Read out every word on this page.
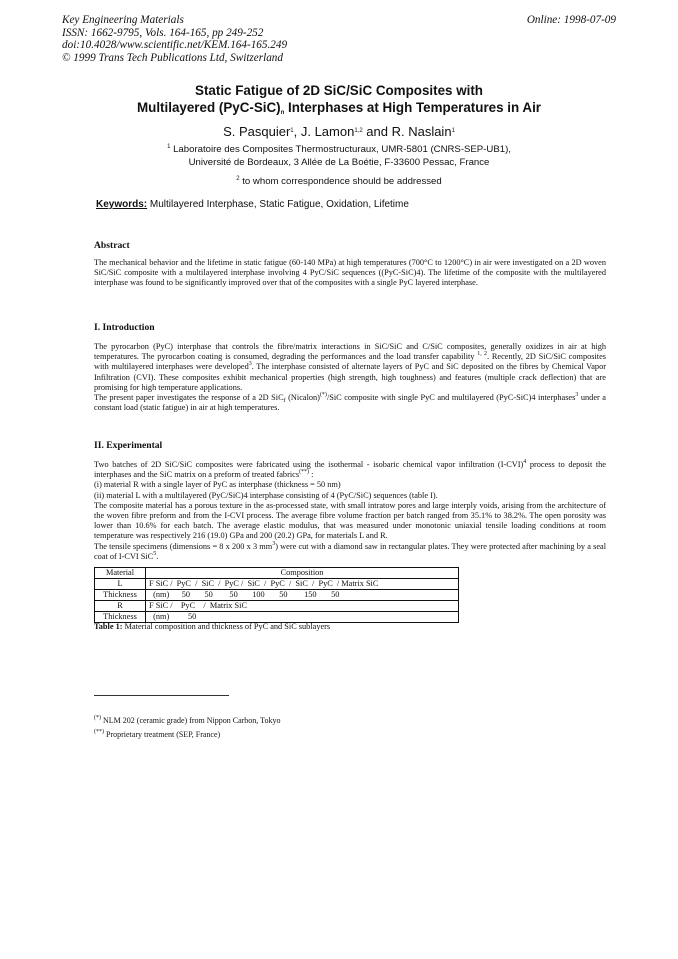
Key Engineering Materials
ISSN: 1662-9795, Vols. 164-165, pp 249-252
doi:10.4028/www.scientific.net/KEM.164-165.249
© 1999 Trans Tech Publications Ltd, Switzerland
Online: 1998-07-09
Static Fatigue of 2D SiC/SiC Composites with
Multilayered $(PyC-SiC)_n$ Interphases at High Temperatures in Air
S. Pasquier$^1$, J. Lamon$^{1,2}$ and R. Naslain$^1$
$^1$ Laboratoire des Composites Thermostructuraux, UMR-5801 (CNRS-SEP-UB1),
Université de Bordeaux, 3 Allée de La Boétie, F-33600 Pessac, France
$^2$ to whom correspondence should be addressed
Keywords: Multilayered Interphase, Static Fatigue, Oxidation, Lifetime
Abstract

The mechanical behavior and the lifetime in static fatigue (60-140 MPa) at high temperatures (700°C to 1200°C) in air were investigated on a 2D woven SiC/SiC composite with a multilayered interphase involving 4 PyC/SiC sequences ((PyC-SiC)4). The lifetime of the composite with the multilayered interphase was found to be significantly improved over that of the composites with a single PyC layered interphase.

I. Introduction

The pyrocarbon (PyC) interphase that controls the fibre/matrix interactions in SiC/SiC and C/SiC composites, generally oxidizes in air at high temperatures. The pyrocarbon coating is consumed, degrading the performances and the load transfer capability $^{1, 2}$. Recently, 2D SiC/SiC composites with multilayered interphases were developed$^3$. The interphase consisted of alternate layers of PyC and SiC deposited on the fibres by Chemical Vapor Infiltration (CVI). These composites exhibit mechanical properties (high strength, high toughness) and features (multiple crack deflection) that are promising for high temperature applications.

The present paper investigates the response of a 2D SiC$_f$ (Nicalon)(*)/SiC composite with single PyC and multilayered (PyC-SiC)4 interphases$^3$ under a constant load (static fatigue) in air at high temperatures.

II. Experimental

Two batches of 2D SiC/SiC composites were fabricated using the isothermal - isobaric chemical vapor infiltration $(I-CVI)^4$ process to deposit the interphases and the SiC matrix on a preform of treated fabrics(**) :

(i) material R with a single layer of PyC as interphase (thickness = 50 nm)

(ii) material L with a multilayered (PyC/SiC)4 interphase consisting of 4 (PyC/SiC) sequences (table I).

The composite material has a porous texture in the as-processed state, with small intratow pores and large interply voids, arising from the architecture of the woven fibre preform and from the I-CVI process. The average fibre volume fraction per batch ranged from 35.1% to 38.2%. The open porosity was lower than 10.6% for each batch. The average elastic modulus, that was measured under monotonic uniaxial tensile loading conditions at room temperature was respectively 216 (19.0) GPa and 200 (20.2) GPa, for materials L and R.

The tensile specimens (dimensions = 8 x 200 x 3 $mm^3$) were cut with a diamond saw in rectangular plates. They were protected after machining by a seal coat of I-CVI SiC$^5$.

Material	Composition
L	F SiC /  PyC  /  SiC  /  PyC /  SiC  /  PyC  /  SiC  /  PyC  / Matrix SiC
Thickness	(nm)      50       50        50       100       50        150       50
R	F SiC /    PyC    /  Matrix SiC
Thickness	(nm)         50
Table 1: Material composition and thickness of PyC and SiC sublayers
(*) NLM 202 (ceramic grade) from Nippon Carbon, Tokyo
(**) Proprietary treatment (SEP, France)
